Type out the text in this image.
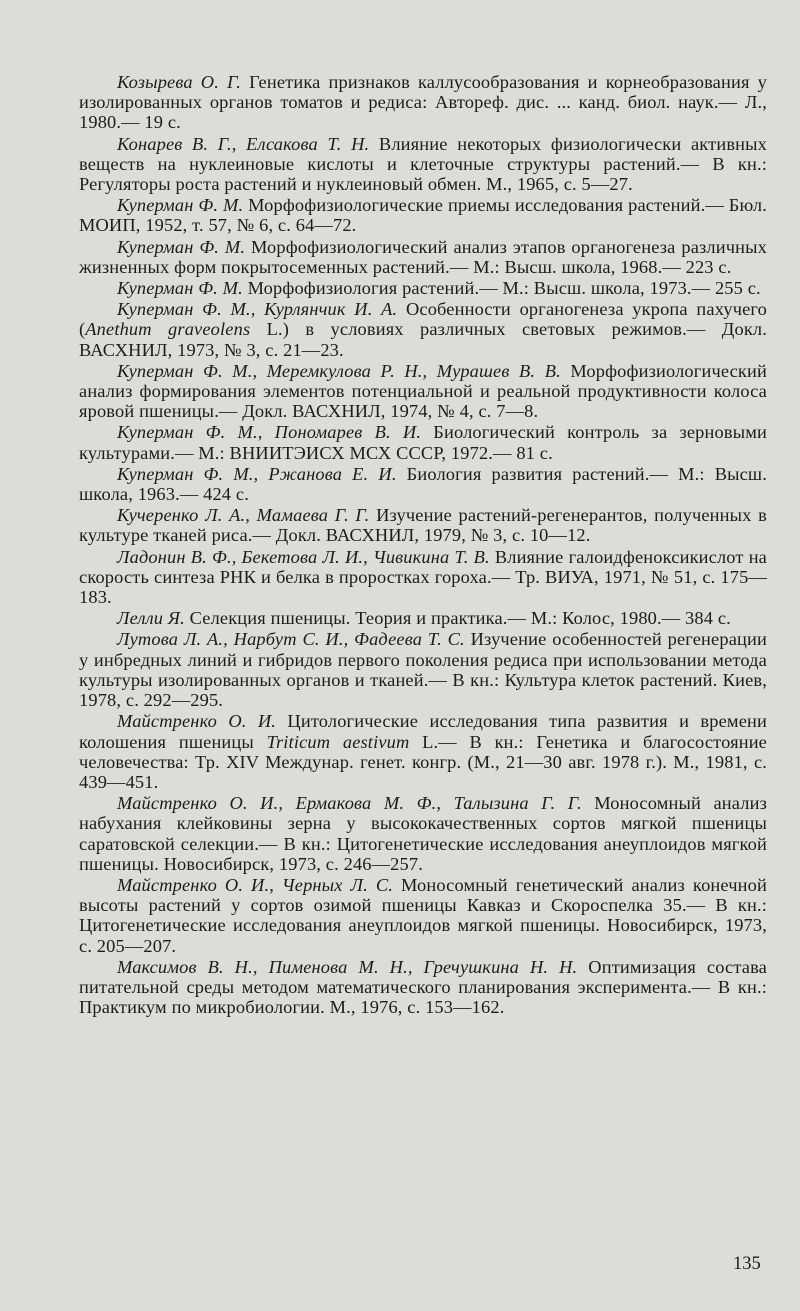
Козырева О. Г. Генетика признаков каллусообразования и корнеобразования у изолированных органов томатов и редиса: Автореф. дис. ... канд. биол. наук.— Л., 1980.— 19 с.

Конарев В. Г., Елсакова Т. Н. Влияние некоторых физиологически активных веществ на нуклеиновые кислоты и клеточные структуры растений.— В кн.: Регуляторы роста растений и нуклеиновый обмен. М., 1965, с. 5—27.

Куперман Ф. М. Морфофизиологические приемы исследования растений.— Бюл. МОИП, 1952, т. 57, № 6, с. 64—72.

Куперман Ф. М. Морфофизиологический анализ этапов органогенеза различных жизненных форм покрытосеменных растений.— М.: Высш. школа, 1968.— 223 с.

Куперман Ф. М. Морфофизиология растений.— М.: Высш. школа, 1973.— 255 с.

Куперман Ф. М., Курлянчик И. А. Особенности органогенеза укропа пахучего (Anethum graveolens L.) в условиях различных световых режимов.— Докл. ВАСХНИЛ, 1973, № 3, с. 21—23.

Куперман Ф. М., Меремкулова Р. Н., Мурашев В. В. Морфофизиологический анализ формирования элементов потенциальной и реальной продуктивности колоса яровой пшеницы.— Докл. ВАСХНИЛ, 1974, № 4, с. 7—8.

Куперман Ф. М., Пономарев В. И. Биологический контроль за зерновыми культурами.— М.: ВНИИТЭИСХ МСХ СССР, 1972.— 81 с.

Куперман Ф. М., Ржанова Е. И. Биология развития растений.— М.: Высш. школа, 1963.— 424 с.

Кучеренко Л. А., Мамаева Г. Г. Изучение растений-регенерантов, полученных в культуре тканей риса.— Докл. ВАСХНИЛ, 1979, № 3, с. 10—12.

Ладонин В. Ф., Бекетова Л. И., Чивикина Т. В. Влияние галоидфеноксикислот на скорость синтеза РНК и белка в проростках гороха.— Тр. ВИУА, 1971, № 51, с. 175—183.

Лелли Я. Селекция пшеницы. Теория и практика.— М.: Колос, 1980.— 384 с.

Лутова Л. А., Нарбут С. И., Фадеева Т. С. Изучение особенностей регенерации у инбредных линий и гибридов первого поколения редиса при использовании метода культуры изолированных органов и тканей.— В кн.: Культура клеток растений. Киев, 1978, с. 292—295.

Майстренко О. И. Цитологические исследования типа развития и времени колошения пшеницы Triticum aestivum L.— В кн.: Генетика и благосостояние человечества: Тр. XIV Междунар. генет. конгр. (М., 21—30 авг. 1978 г.). М., 1981, с. 439—451.

Майстренко О. И., Ермакова М. Ф., Талызина Г. Г. Моносомный анализ набухания клейковины зерна у высококачественных сортов мягкой пшеницы саратовской селекции.— В кн.: Цитогенетические исследования анеуплоидов мягкой пшеницы. Новосибирск, 1973, с. 246—257.

Майстренко О. И., Черных Л. С. Моносомный генетический анализ конечной высоты растений у сортов озимой пшеницы Кавказ и Скороспелка 35.— В кн.: Цитогенетические исследования анеуплоидов мягкой пшеницы. Новосибирск, 1973, с. 205—207.

Максимов В. Н., Пименова М. Н., Гречушкина Н. Н. Оптимизация состава питательной среды методом математического планирования эксперимента.— В кн.: Практикум по микробиологии. М., 1976, с. 153—162.

135
